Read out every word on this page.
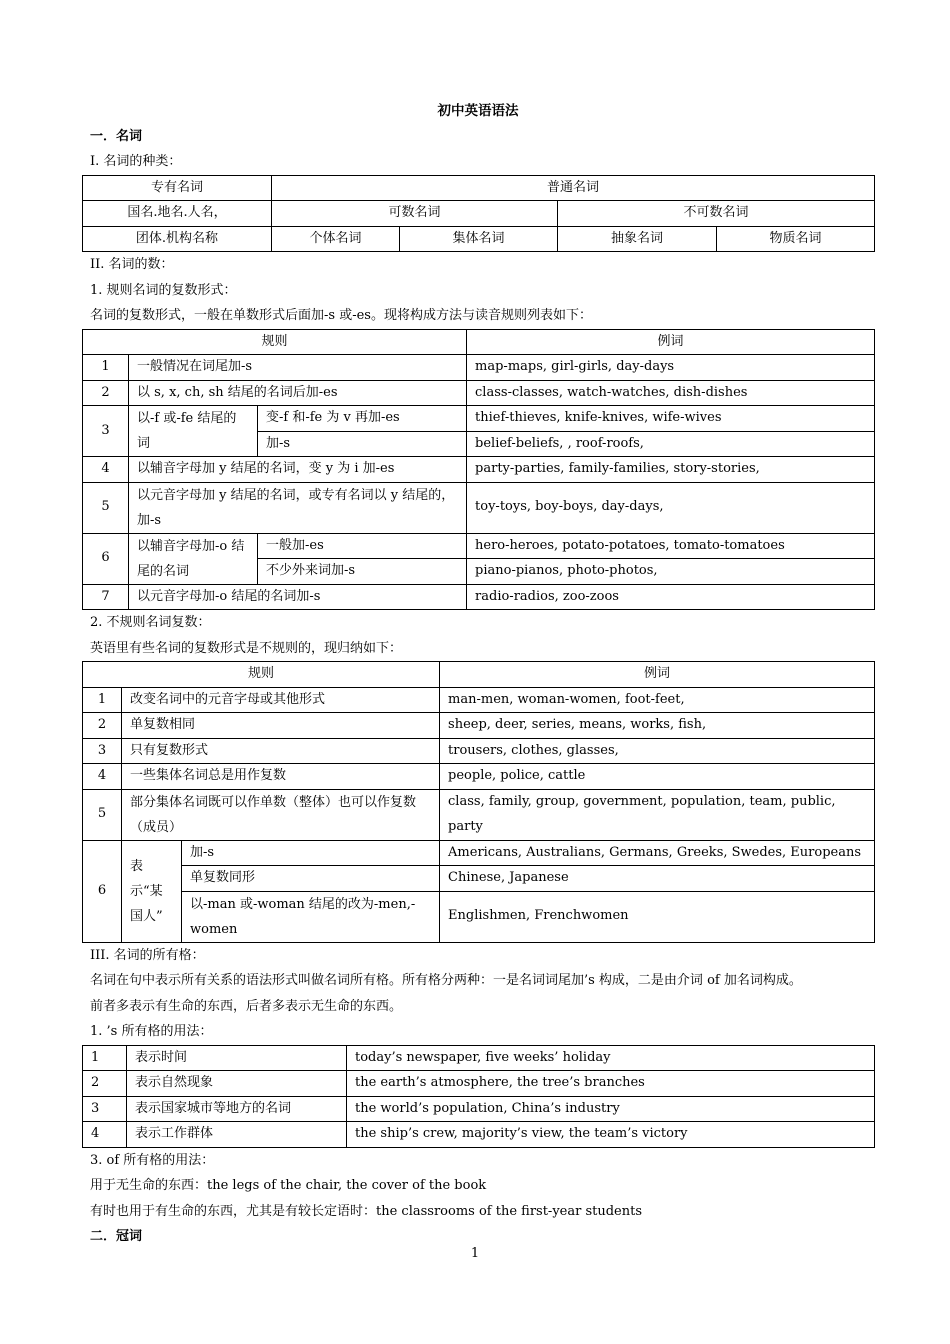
初中英语语法
一．名词
I. 名词的种类：
专有名词	普通名词			
国名.地名.人名，	可数名词		不可数名词	
团体.机构名称	个体名词	集体名词	抽象名词	物质名词
II. 名词的数：
1. 规则名词的复数形式：
名词的复数形式，一般在单数形式后面加-s 或-es。现将构成方法与读音规则列表如下：
规则			例词
1	一般情况在词尾加-s		map-maps, girl-girls, day-days
2	以 s, x, ch, sh 结尾的名词后加-es		class-classes, watch-watches, dish-dishes
3	以-f 或-fe 结尾的词	变-f 和-fe 为 v 再加-es	thief-thieves, knife-knives, wife-wives
		加-s	belief-beliefs, , roof-roofs,
4	以辅音字母加 y 结尾的名词，变 y 为 i 加-es		party-parties, family-families, story-stories,
5	以元音字母加 y 结尾的名词，或专有名词以 y 结尾的，加-s		toy-toys, boy-boys, day-days,
6	以辅音字母加-o 结尾的名词	一般加-es	hero-heroes, potato-potatoes, tomato-tomatoes
		不少外来词加-s	piano-pianos, photo-photos,
7	以元音字母加-o 结尾的名词加-s		radio-radios, zoo-zoos
2. 不规则名词复数：
英语里有些名词的复数形式是不规则的，现归纳如下：
规则			例词
1	改变名词中的元音字母或其他形式		man-men, woman-women, foot-feet,
2	单复数相同		sheep, deer, series, means, works, fish,
3	只有复数形式		trousers, clothes, glasses,
4	一些集体名词总是用作复数		people, police, cattle
5	部分集体名词既可以作单数（整体）也可以作复数（成员）		class, family, group, government, population, team, public, party
6	表　示“某国人”	加-s	Americans, Australians, Germans, Greeks, Swedes, Europeans
		单复数同形	Chinese, Japanese
		以-man 或-woman 结尾的改为-men,-women	Englishmen, Frenchwomen
III. 名词的所有格：
名词在句中表示所有关系的语法形式叫做名词所有格。所有格分两种：一是名词词尾加’s 构成，二是由介词 of 加名词构成。
前者多表示有生命的东西，后者多表示无生命的东西。
1. ’s 所有格的用法：
1	表示时间	today’s newspaper, five weeks’ holiday
2	表示自然现象	the earth’s atmosphere, the tree’s branches
3	表示国家城市等地方的名词	the world’s population, China’s industry
4	表示工作群体	the ship’s crew, majority’s view, the team’s victory
3. of 所有格的用法：
用于无生命的东西：the legs of the chair, the cover of the book
有时也用于有生命的东西，尤其是有较长定语时：the classrooms of the first-year students
二．冠词
1
